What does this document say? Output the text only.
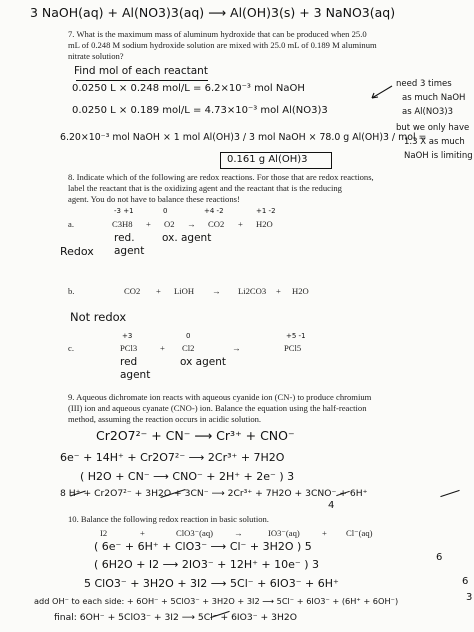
3 NaOH(aq) + Al(NO3)3(aq) ⟶ Al(OH)3(s) + 3 NaNO3(aq)
7. What is the maximum mass of aluminum hydroxide that can be produced when 25.0
mL of 0.248 M sodium hydroxide solution are mixed with 25.0 mL of 0.189 M aluminum
nitrate solution?
Find mol of each reactant
0.0250 L × 0.248 mol/L = 6.2×10⁻³ mol NaOH
0.0250 L × 0.189 mol/L = 4.73×10⁻³ mol Al(NO3)3
6.20×10⁻³ mol NaOH × 1 mol Al(OH)3 / 3 mol NaOH × 78.0 g Al(OH)3 / mol =
0.161 g Al(OH)3
need 3 times
as much NaOH
as Al(NO3)3
but we only have
1.3 X as much
NaOH is limiting
8. Indicate which of the following are redox reactions. For those that are redox reactions,
label the reactant that is the oxidizing agent and the reactant that is the reducing
agent. You do not have to balance these reactions!
-3 +1	0	+4 -2	+1 -2
a.	C3H8 + O2 → CO2 + H2O
red. agent
ox. agent
Redox
b.	CO2 + LiOH → Li2CO3 + H2O
Not redox
+3	0	+5 -1
c.	PCl3	+ Cl2	→	PCl5
red agent
ox agent
9. Aqueous dichromate ion reacts with aqueous cyanide ion (CN-) to produce chromium
(III) ion and aqueous cyanate (CNO-) ion. Balance the equation using the half-reaction
method, assuming the reaction occurs in acidic solution.
Cr2O7²⁻ + CN⁻ ⟶ Cr³⁺ + CNO⁻
6e⁻ + 14H⁺ + Cr2O7²⁻ ⟶ 2Cr³⁺ + 7H2O
( H2O + CN⁻ ⟶ CNO⁻ + 2H⁺ + 2e⁻ ) 3
8 H⁺ + Cr2O7²⁻ + 3H2O + 3CN⁻ ⟶ 2Cr³⁺ + 7H2O + 3CNO⁻ + 6H⁺
4
10. Balance the following redox reaction in basic solution.
I2	+	ClO3⁻(aq) →	IO3⁻(aq)	+ Cl⁻(aq)
( 6e⁻ + 6H⁺ + ClO3⁻ ⟶ Cl⁻ + 3H2O ) 5
( 6H2O + I2 ⟶ 2IO3⁻ + 12H⁺ + 10e⁻ ) 3
5 ClO3⁻ + 3H2O + 3I2 ⟶ 5Cl⁻ + 6IO3⁻ + 6H⁺
add OH⁻ to each side: + 6OH⁻ + 5ClO3⁻ + 3H2O + 3I2 ⟶ 5Cl⁻ + 6IO3⁻ + (6H⁺ + 6OH⁻)
final: 6OH⁻ + 5ClO3⁻ + 3I2 ⟶ 5Cl⁻ + 6IO3⁻ + 3H2O
6
6
3
